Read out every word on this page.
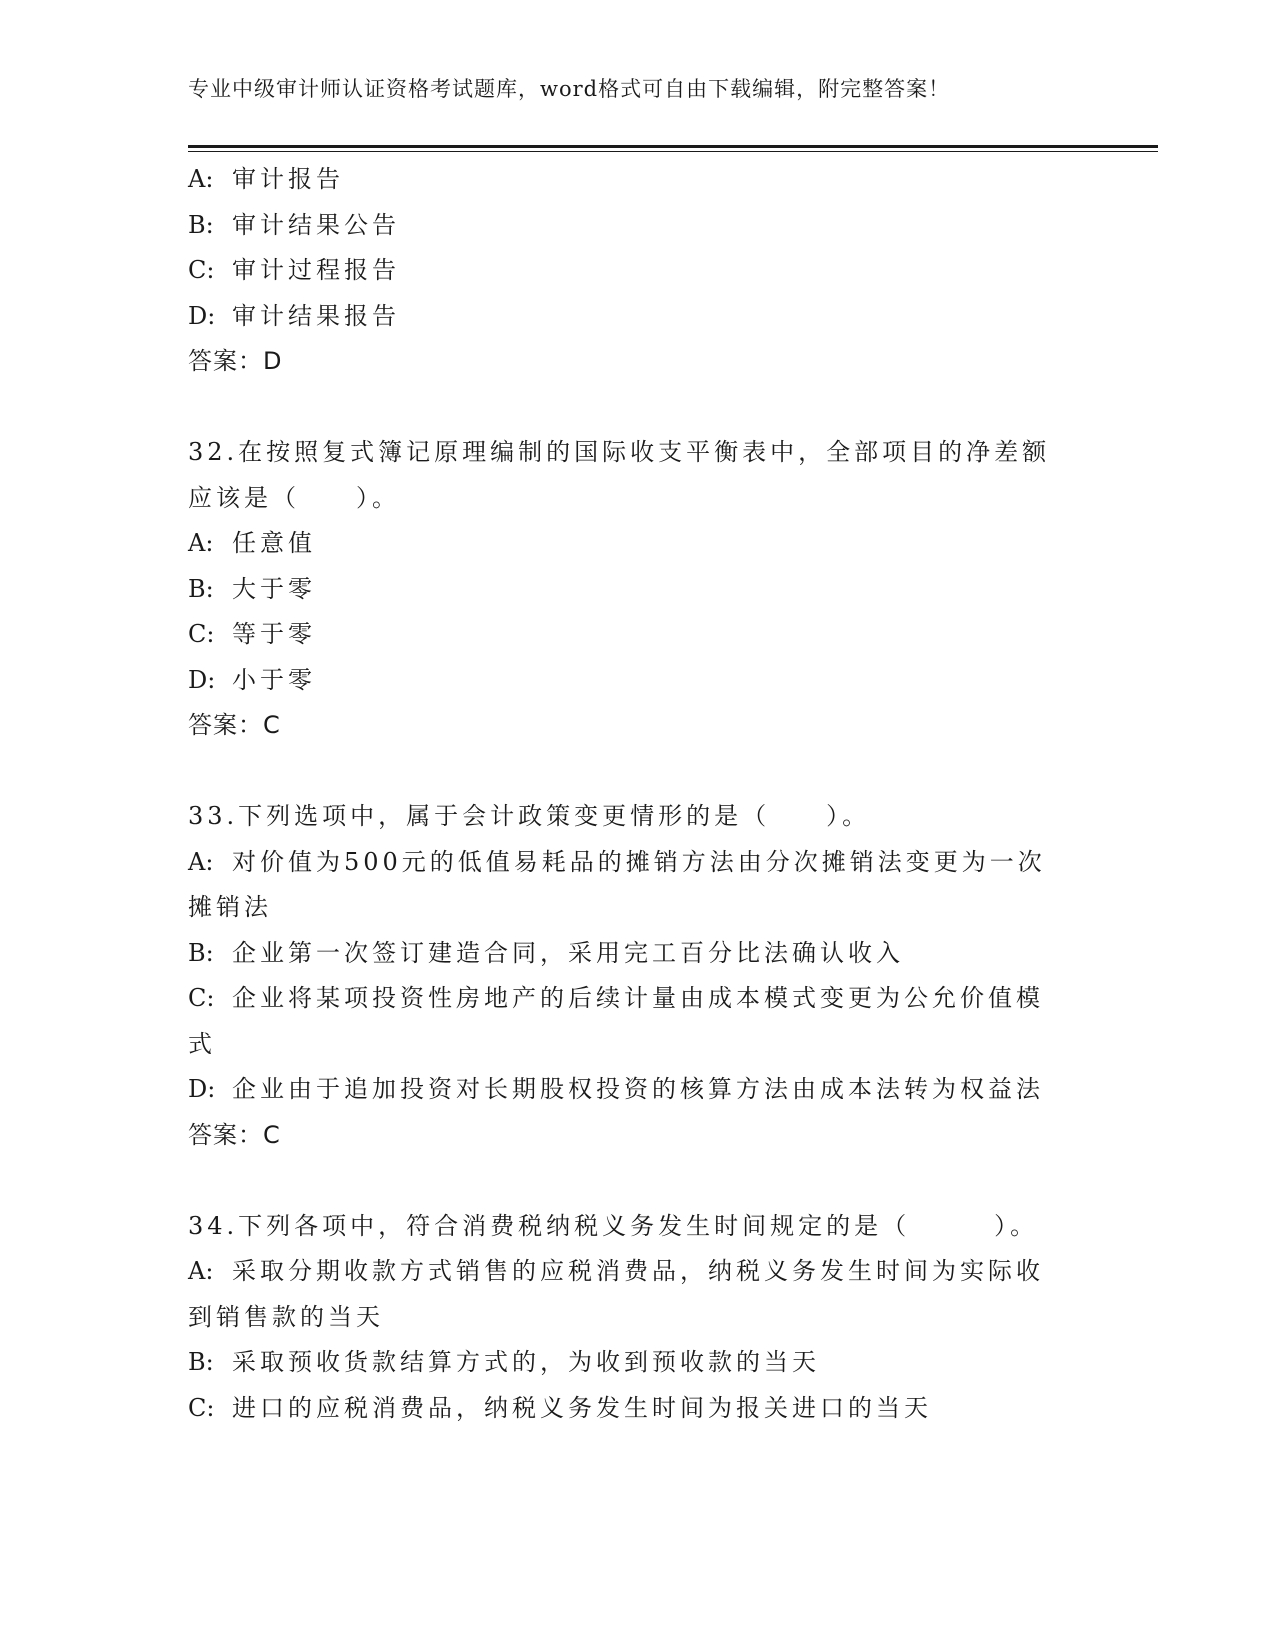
专业中级审计师认证资格考试题库，word格式可自由下载编辑，附完整答案！
A: 审计报告
B: 审计结果公告
C: 审计过程报告
D: 审计结果报告
答案：D
32.在按照复式簿记原理编制的国际收支平衡表中，全部项目的净差额
应该是（　　）。
A: 任意值
B: 大于零
C: 等于零
D: 小于零
答案：C
33.下列选项中，属于会计政策变更情形的是（　　）。
A: 对价值为500元的低值易耗品的摊销方法由分次摊销法变更为一次
摊销法
B: 企业第一次签订建造合同，采用完工百分比法确认收入
C: 企业将某项投资性房地产的后续计量由成本模式变更为公允价值模
式
D: 企业由于追加投资对长期股权投资的核算方法由成本法转为权益法
答案：C
34.下列各项中，符合消费税纳税义务发生时间规定的是（　　　）。
A: 采取分期收款方式销售的应税消费品，纳税义务发生时间为实际收
到销售款的当天
B: 采取预收货款结算方式的，为收到预收款的当天
C: 进口的应税消费品，纳税义务发生时间为报关进口的当天
